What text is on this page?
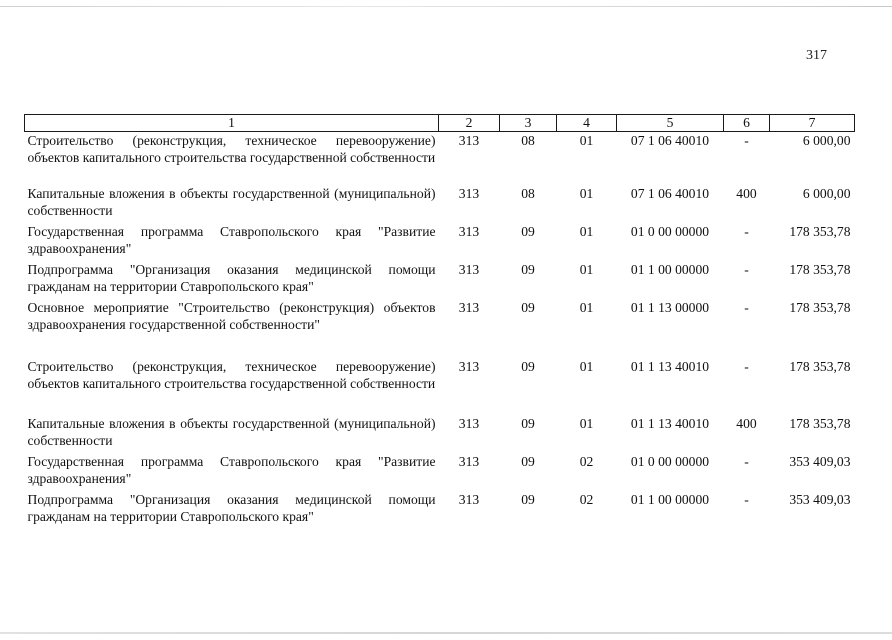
317
1	2	3	4	5	6	7
Строительство (реконструкция, техническое перевооружение) объектов капитального строительства государственной собственности	313	08	01	07 1 06 40010	-	6 000,00
Капитальные вложения в объекты государственной (муниципальной) собственности	313	08	01	07 1 06 40010	400	6 000,00
Государственная программа Ставропольского края "Развитие здравоохранения"	313	09	01	01 0 00 00000	-	178 353,78
Подпрограмма "Организация оказания медицинской помощи гражданам на территории Ставропольского края"	313	09	01	01 1 00 00000	-	178 353,78
Основное мероприятие "Строительство (реконструкция) объектов здравоохранения государственной собственности"	313	09	01	01 1 13 00000	-	178 353,78
Строительство (реконструкция, техническое перевооружение) объектов капитального строительства государственной собственности	313	09	01	01 1 13 40010	-	178 353,78
Капитальные вложения в объекты государственной (муниципальной) собственности	313	09	01	01 1 13 40010	400	178 353,78
Государственная программа Ставропольского края "Развитие здравоохранения"	313	09	02	01 0 00 00000	-	353 409,03
Подпрограмма "Организация оказания медицинской помощи гражданам на территории Ставропольского края"	313	09	02	01 1 00 00000	-	353 409,03
